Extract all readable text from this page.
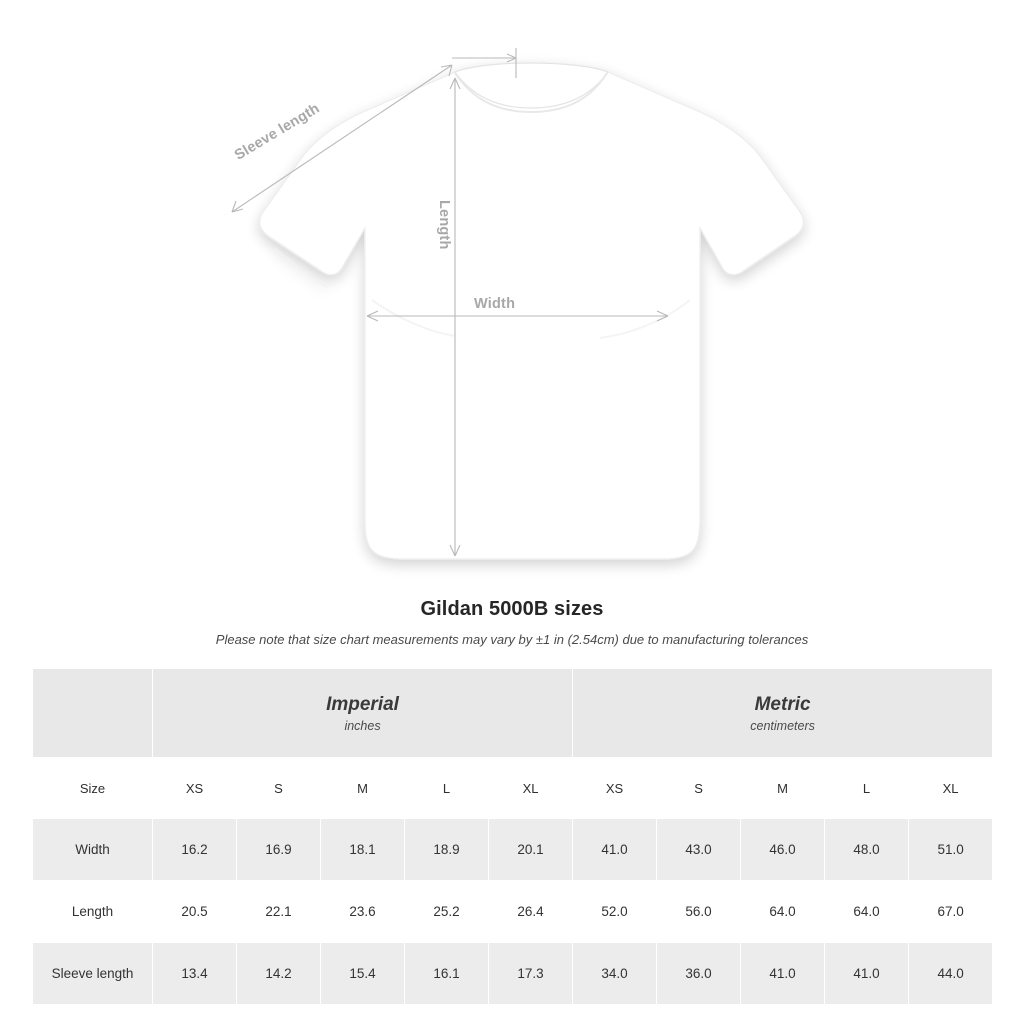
Sleeve length
Length
Width
Gildan 5000B sizes
Please note that size chart measurements may vary by ±1 in (2.54cm) due to manufacturing tolerances

Imperial
inches

Metric
centimeters

Size	XS	S	M	L	XL	XS	S	M	L	XL
Width	16.2	16.9	18.1	18.9	20.1	41.0	43.0	46.0	48.0	51.0
Length	20.5	22.1	23.6	25.2	26.4	52.0	56.0	64.0	64.0	67.0
Sleeve length	13.4	14.2	15.4	16.1	17.3	34.0	36.0	41.0	41.0	44.0
